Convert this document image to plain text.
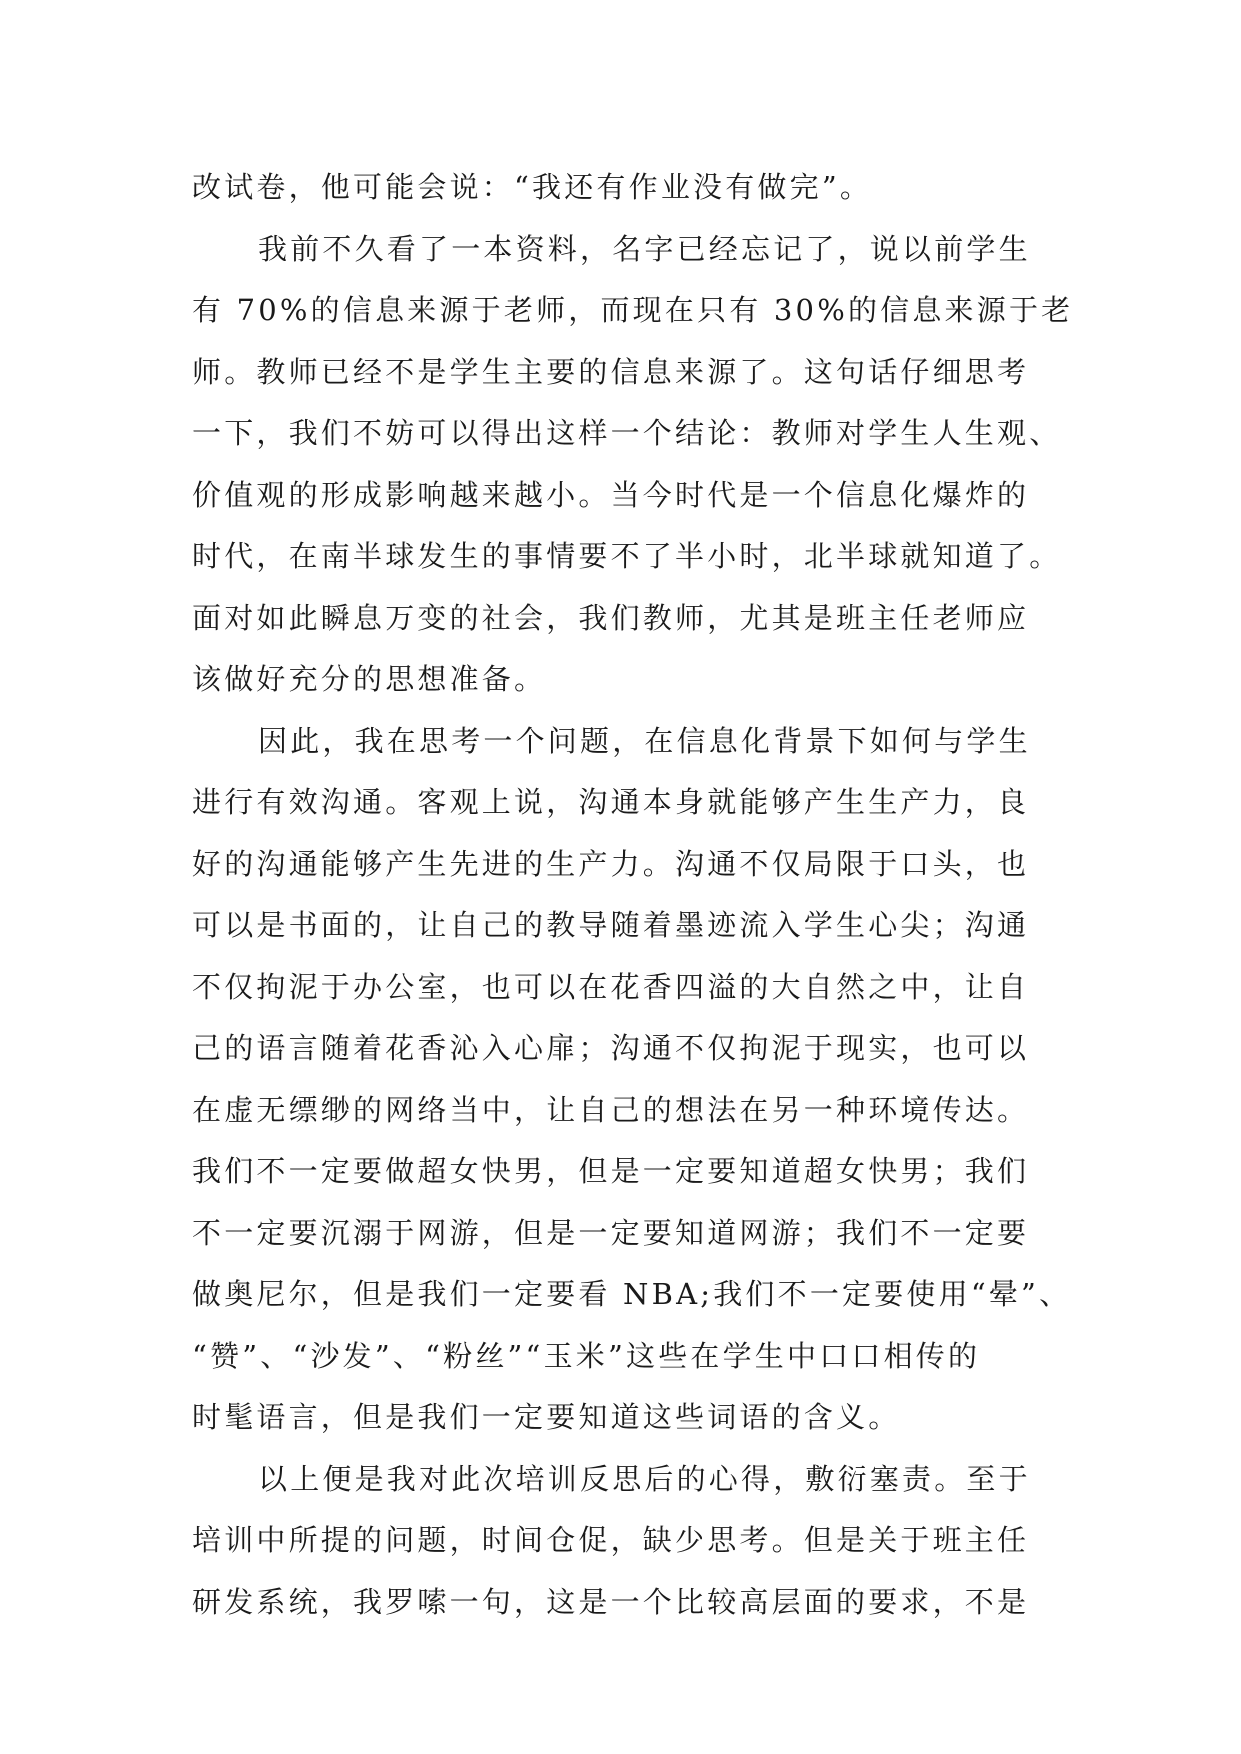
改试卷，他可能会说：“我还有作业没有做完”。
我前不久看了一本资料，名字已经忘记了，说以前学生
有 70%的信息来源于老师，而现在只有 30%的信息来源于老
师。教师已经不是学生主要的信息来源了。这句话仔细思考
一下，我们不妨可以得出这样一个结论：教师对学生人生观、
价值观的形成影响越来越小。当今时代是一个信息化爆炸的
时代，在南半球发生的事情要不了半小时，北半球就知道了。
面对如此瞬息万变的社会，我们教师，尤其是班主任老师应
该做好充分的思想准备。
因此，我在思考一个问题，在信息化背景下如何与学生
进行有效沟通。客观上说，沟通本身就能够产生生产力，良
好的沟通能够产生先进的生产力。沟通不仅局限于口头，也
可以是书面的，让自己的教导随着墨迹流入学生心尖；沟通
不仅拘泥于办公室，也可以在花香四溢的大自然之中，让自
己的语言随着花香沁入心扉；沟通不仅拘泥于现实，也可以
在虚无缥缈的网络当中，让自己的想法在另一种环境传达。
我们不一定要做超女快男，但是一定要知道超女快男；我们
不一定要沉溺于网游，但是一定要知道网游；我们不一定要
做奥尼尔，但是我们一定要看 NBA;我们不一定要使用“晕”、
“赞”、“沙发”、“粉丝”“玉米”这些在学生中口口相传的
时髦语言，但是我们一定要知道这些词语的含义。
以上便是我对此次培训反思后的心得，敷衍塞责。至于
培训中所提的问题，时间仓促，缺少思考。但是关于班主任
研发系统，我罗嗦一句，这是一个比较高层面的要求，不是
